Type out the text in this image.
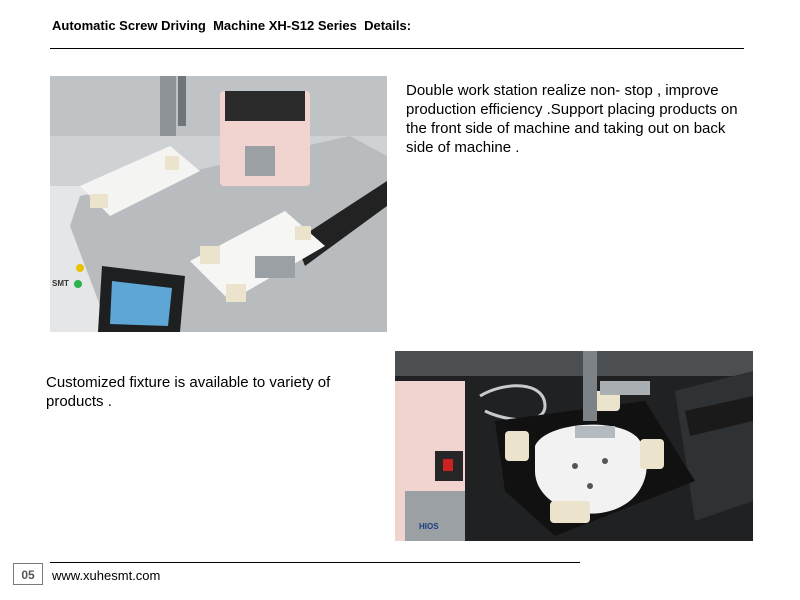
Automatic Screw Driving  Machine XH-S12 Series  Details:
SMT
Double work station realize non- stop , improve production efficiency .Support placing products on the front side of machine and taking out on back side of machine .
Customized fixture is available to variety of products .
HIOS
05	www.xuhesmt.com
